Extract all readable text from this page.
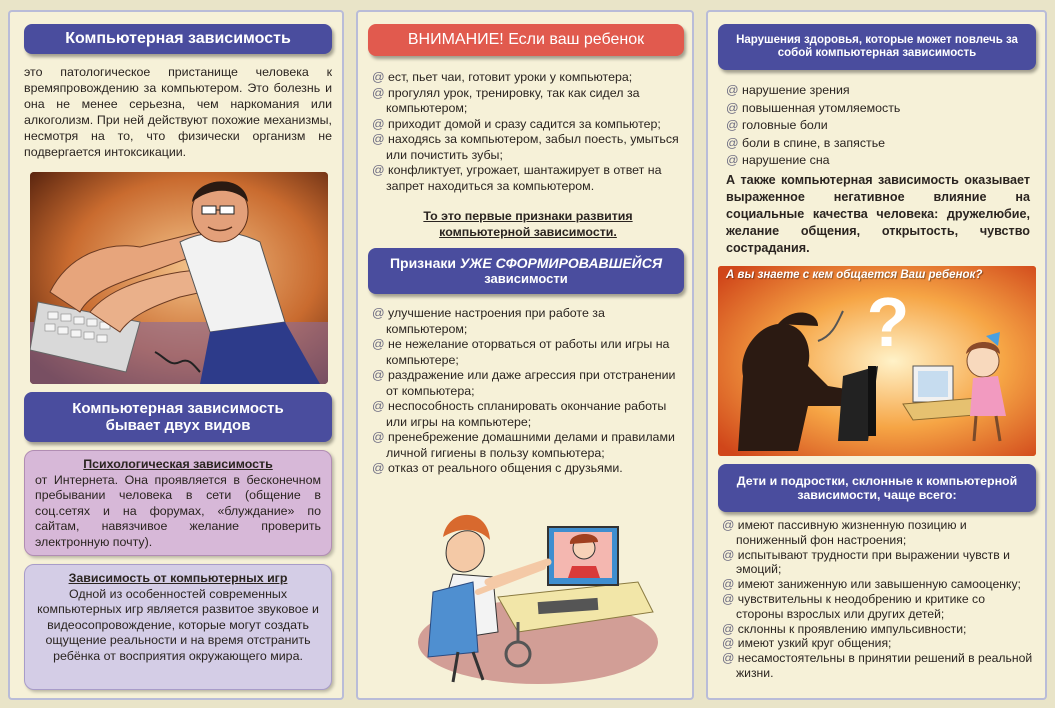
Компьютерная зависимость
это патологическое пристанище человека к времяпровождению за компьютером. Это болезнь и она не менее серьезна, чем наркомания или алкоголизм. При ней действуют похожие механизмы, несмотря на то, что физически организм не подвергается интоксикации.
Компьютерная зависимость бывает двух видов
Психологическая зависимость
от Интернета. Она проявляется в бесконечном пребывании человека в сети (общение в соц.сетях и на форумах, «блуждание» по сайтам, навязчивое желание проверить электронную почту).
Зависимость от компьютерных игр
Одной из особенностей современных компьютерных игр является развитое звуковое и видеосопровождение, которые могут создать ощущение реальности и на время отстранить ребёнка от восприятия окружающего мира.
ВНИМАНИЕ! Если ваш ребенок
@ ест, пьет чаи, готовит уроки у компьютера;
@ прогулял урок, тренировку, так как сидел за компьютером;
@ приходит домой и сразу садится за компьютер;
@ находясь за компьютером, забыл поесть, умыться или почистить зубы;
@ конфликтует, угрожает, шантажирует в ответ на запрет находиться за компьютером.
То это первые признаки развития компьютерной зависимости.
Признаки УЖЕ СФОРМИРОВАВШЕЙСЯ
зависимости
@ улучшение настроения при работе за компьютером;
@ не нежелание оторваться от работы или игры на компьютере;
@ раздражение или даже агрессия при отстранении от компьютера;
@ неспособность спланировать окончание работы или игры на компьютере;
@ пренебрежение домашними делами и правилами личной гигиены в пользу компьютера;
@ отказ от реального общения с друзьями.
Нарушения здоровья, которые может повлечь за собой компьютерная зависимость
@ нарушение зрения
@ повышенная утомляемость
@ головные боли
@ боли в спине, в запястье
@ нарушение сна
А также компьютерная зависимость оказывает выраженное негативное влияние на социальные качества человека: дружелюбие, желание общения, открытость, чувство сострадания.
?
А вы знаете с кем общается Ваш ребенок?
Дети и подростки, склонные к компьютерной зависимости, чаще всего:
@ имеют пассивную жизненную позицию и пониженный фон настроения;
@ испытывают трудности при выражении чувств и эмоций;
@ имеют заниженную или завышенную самооценку;
@ чувствительны к неодобрению и критике со стороны взрослых или других детей;
@ склонны к проявлению импульсивности;
@ имеют узкий круг общения;
@ несамостоятельны в принятии решений в реальной жизни.
